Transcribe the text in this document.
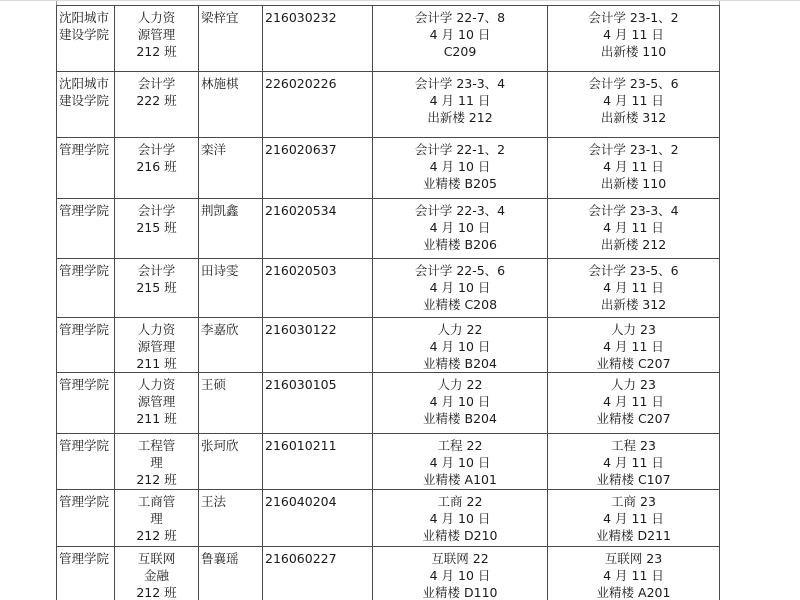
沈阳城市建设学院	人力资
源管理
212 班	梁梓宜	216030232	会计学 22-7、8
4 月 10 日
C209	会计学 23-1、2
4 月 11 日
出新楼 110

沈阳城市建设学院	会计学
222 班	林施棋	226020226	会计学 23-3、4
4 月 11 日
出新楼 212	会计学 23-5、6
4 月 11 日
出新楼 312

管理学院	会计学
216 班	栾洋	216020637	会计学 22-1、2
4 月 10 日
业精楼 B205	会计学 23-1、2
4 月 11 日
出新楼 110

管理学院	会计学
215 班	荆凯鑫	216020534	会计学 22-3、4
4 月 10 日
业精楼 B206	会计学 23-3、4
4 月 11 日
出新楼 212

管理学院	会计学
215 班	田诗雯	216020503	会计学 22-5、6
4 月 10 日
业精楼 C208	会计学 23-5、6
4 月 11 日
出新楼 312

管理学院	人力资
源管理
211 班	李嘉欣	216030122	人力 22
4 月 10 日
业精楼 B204	人力 23
4 月 11 日
业精楼 C207

管理学院	人力资
源管理
211 班	王硕	216030105	人力 22
4 月 10 日
业精楼 B204	人力 23
4 月 11 日
业精楼 C207

管理学院	工程管
理
212 班	张珂欣	216010211	工程 22
4 月 10 日
业精楼 A101	工程 23
4 月 11 日
业精楼 C107

管理学院	工商管
理
212 班	王法	216040204	工商 22
4 月 10 日
业精楼 D210	工商 23
4 月 11 日
业精楼 D211

管理学院	互联网
金融
212 班	鲁襄瑶	216060227	互联网 22
4 月 10 日
业精楼 D110	互联网 23
4 月 11 日
业精楼 A201
